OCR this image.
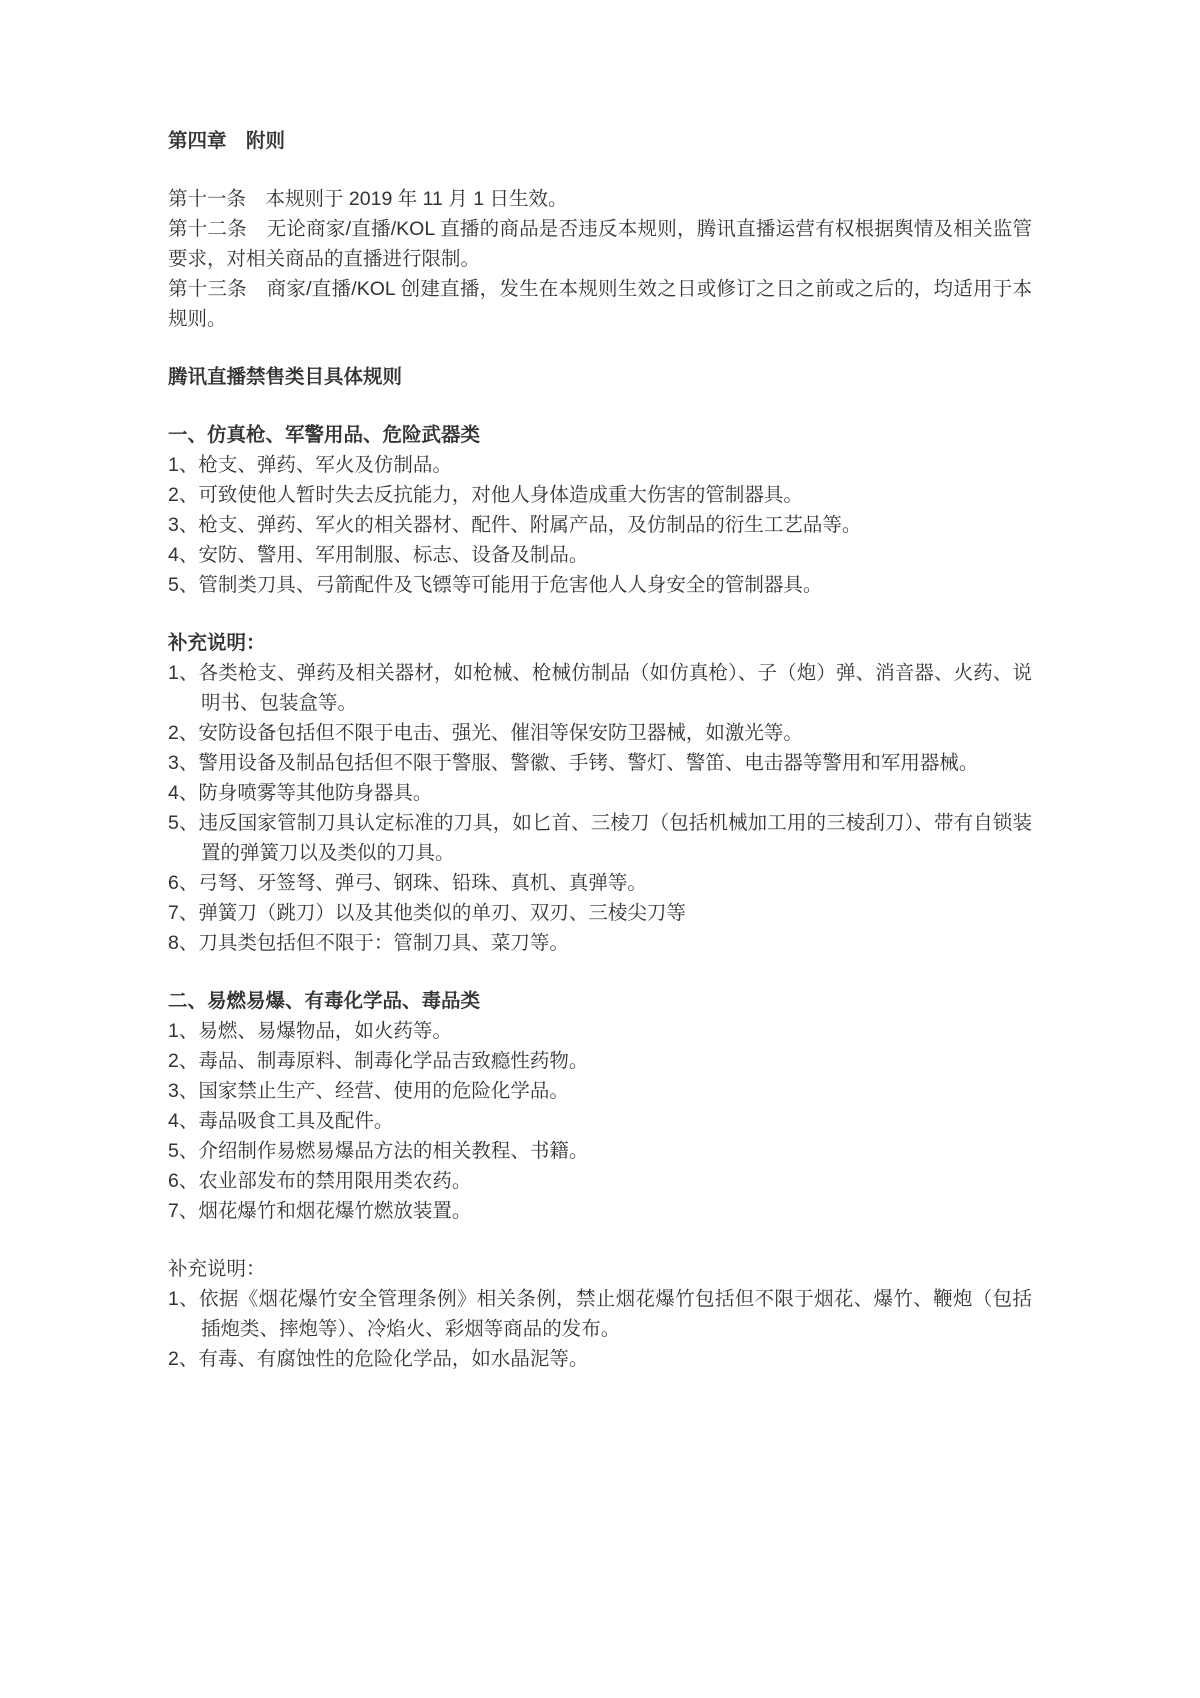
第四章　附则
第十一条　本规则于 2019 年 11 月 1 日生效。
第十二条　无论商家/直播/KOL 直播的商品是否违反本规则，腾讯直播运营有权根据舆情及相关监管要求，对相关商品的直播进行限制。
第十三条　商家/直播/KOL 创建直播，发生在本规则生效之日或修订之日之前或之后的，均适用于本规则。
腾讯直播禁售类目具体规则
一、仿真枪、军警用品、危险武器类
1、枪支、弹药、军火及仿制品。
2、可致使他人暂时失去反抗能力，对他人身体造成重大伤害的管制器具。
3、枪支、弹药、军火的相关器材、配件、附属产品，及仿制品的衍生工艺品等。
4、安防、警用、军用制服、标志、设备及制品。
5、管制类刀具、弓箭配件及飞镖等可能用于危害他人人身安全的管制器具。
补充说明：
1、各类枪支、弹药及相关器材，如枪械、枪械仿制品（如仿真枪）、子（炮）弹、消音器、火药、说明书、包装盒等。
2、安防设备包括但不限于电击、强光、催泪等保安防卫器械，如激光等。
3、警用设备及制品包括但不限于警服、警徽、手铐、警灯、警笛、电击器等警用和军用器械。
4、防身喷雾等其他防身器具。
5、违反国家管制刀具认定标准的刀具，如匕首、三棱刀（包括机械加工用的三棱刮刀）、带有自锁装置的弹簧刀以及类似的刀具。
6、弓弩、牙签弩、弹弓、钢珠、铅珠、真机、真弹等。
7、弹簧刀（跳刀）以及其他类似的单刃、双刃、三棱尖刀等
8、刀具类包括但不限于：管制刀具、菜刀等。
二、易燃易爆、有毒化学品、毒品类
1、易燃、易爆物品，如火药等。
2、毒品、制毒原料、制毒化学品吉致瘾性药物。
3、国家禁止生产、经营、使用的危险化学品。
4、毒品吸食工具及配件。
5、介绍制作易燃易爆品方法的相关教程、书籍。
6、农业部发布的禁用限用类农药。
7、烟花爆竹和烟花爆竹燃放装置。
补充说明：
1、依据《烟花爆竹安全管理条例》相关条例，禁止烟花爆竹包括但不限于烟花、爆竹、鞭炮（包括插炮类、摔炮等）、冷焰火、彩烟等商品的发布。
2、有毒、有腐蚀性的危险化学品，如水晶泥等。
